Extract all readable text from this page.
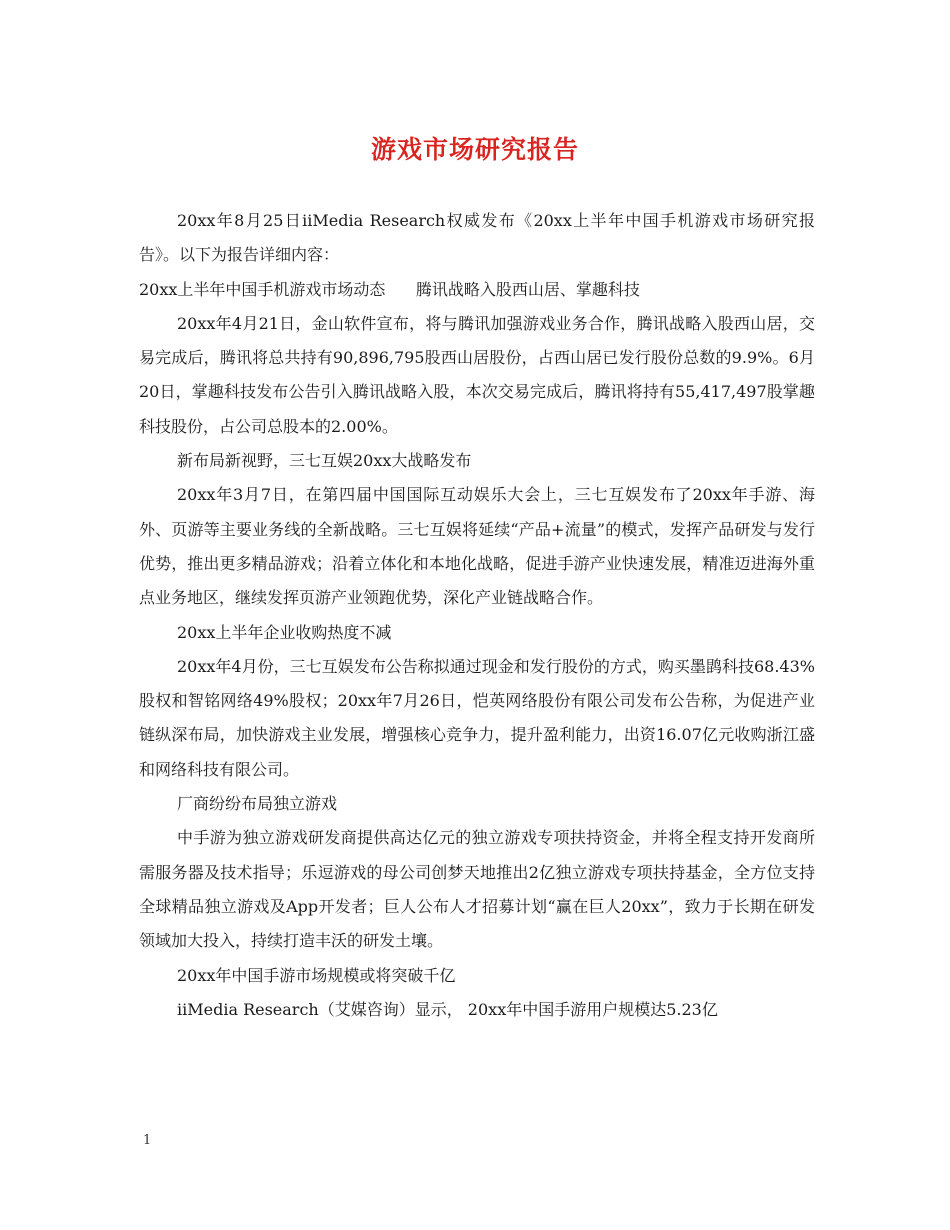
游戏市场研究报告

20xx年8月25日iiMedia Research权威发布《20xx上半年中国手机游戏市场研究报告》。以下为报告详细内容：

20xx上半年中国手机游戏市场动态      腾讯战略入股西山居、掌趣科技

20xx年4月21日，金山软件宣布，将与腾讯加强游戏业务合作，腾讯战略入股西山居，交易完成后，腾讯将总共持有90,896,795股西山居股份，占西山居已发行股份总数的9.9%。6月20日，掌趣科技发布公告引入腾讯战略入股，本次交易完成后，腾讯将持有55,417,497股掌趣科技股份，占公司总股本的2.00%。

新布局新视野，三七互娱20xx大战略发布

20xx年3月7日，在第四届中国国际互动娱乐大会上，三七互娱发布了20xx年手游、海外、页游等主要业务线的全新战略。三七互娱将延续“产品+流量”的模式，发挥产品研发与发行优势，推出更多精品游戏；沿着立体化和本地化战略，促进手游产业快速发展，精准迈进海外重点业务地区，继续发挥页游产业领跑优势，深化产业链战略合作。

20xx上半年企业收购热度不减

20xx年4月份，三七互娱发布公告称拟通过现金和发行股份的方式，购买墨鹍科技68.43%股权和智铭网络49%股权；20xx年7月26日，恺英网络股份有限公司发布公告称，为促进产业链纵深布局，加快游戏主业发展，增强核心竞争力，提升盈利能力，出资16.07亿元收购浙江盛和网络科技有限公司。

厂商纷纷布局独立游戏

中手游为独立游戏研发商提供高达亿元的独立游戏专项扶持资金，并将全程支持开发商所需服务器及技术指导；乐逗游戏的母公司创梦天地推出2亿独立游戏专项扶持基金，全方位支持全球精品独立游戏及App开发者；巨人公布人才招募计划“赢在巨人20xx”，致力于长期在研发领域加大投入，持续打造丰沃的研发土壤。

20xx年中国手游市场规模或将突破千亿

iiMedia Research（艾媒咨询）显示， 20xx年中国手游用户规模达5.23亿

1
